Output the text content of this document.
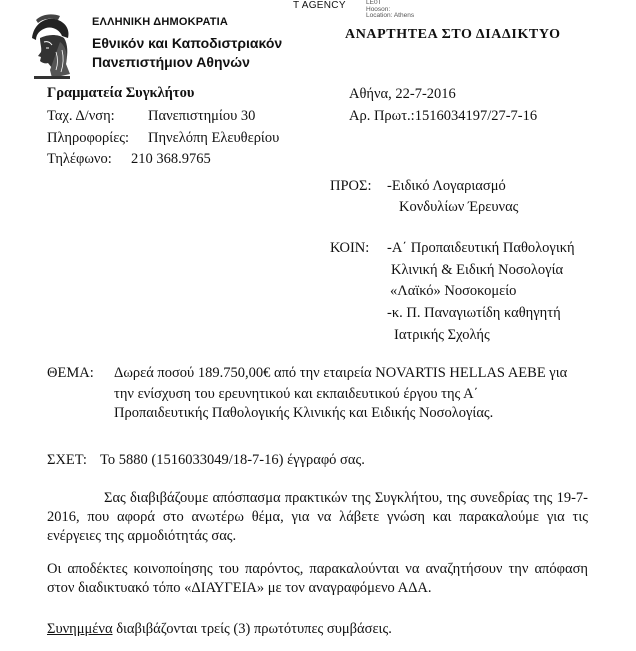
T AGENCY	LE0T
Hooson:
Location: Athens
ΕΛΛΗΝΙΚΗ ΔΗΜΟΚΡΑΤΙΑ
Εθνικόν και Καποδιστριακόν
Πανεπιστήμιον Αθηνών
ΑΝΑΡΤΗΤΕΑ ΣΤΟ ΔΙΑΔΙΚΤΥΟ
Γραμματεία Συγκλήτου
Ταχ. Δ/νση: Πανεπιστημίου 30
Πληροφορίες: Πηνελόπη Ελευθερίου
Τηλέφωνο: 210 368.9765
Αθήνα, 22-7-2016
Αρ. Πρωτ.:1516034197/27-7-16
ΠΡΟΣ: -Ειδικό Λογαριασμό
Κονδυλίων Έρευνας
ΚΟΙΝ: -Α΄ Προπαιδευτική Παθολογική
Κλινική & Ειδική Νοσολογία
«Λαϊκό» Νοσοκομείο
-κ. Π. Παναγιωτίδη καθηγητή
Ιατρικής Σχολής
ΘΕΜΑ: Δωρεά ποσού 189.750,00€ από την εταιρεία NOVARTIS HELLAS AEBE για
την ενίσχυση του ερευνητικού και εκπαιδευτικού έργου της Α΄
Προπαιδευτικής Παθολογικής Κλινικής και Ειδικής Νοσολογίας.
ΣΧΕΤ: Το 5880 (1516033049/18-7-16) έγγραφό σας.
Σας διαβιβάζουμε απόσπασμα πρακτικών της Συγκλήτου, της συνεδρίας της 19-7-2016, που αφορά στο ανωτέρω θέμα, για να λάβετε γνώση και παρακαλούμε για τις ενέργειες της αρμοδιότητάς σας.
Οι αποδέκτες κοινοποίησης του παρόντος, παρακαλούνται να αναζητήσουν την απόφαση στον διαδικτυακό τόπο «ΔΙΑΥΓΕΙΑ» με τον αναγραφόμενο ΑΔΑ.
Συνημμένα διαβιβάζονται τρείς (3) πρωτότυπες συμβάσεις.
